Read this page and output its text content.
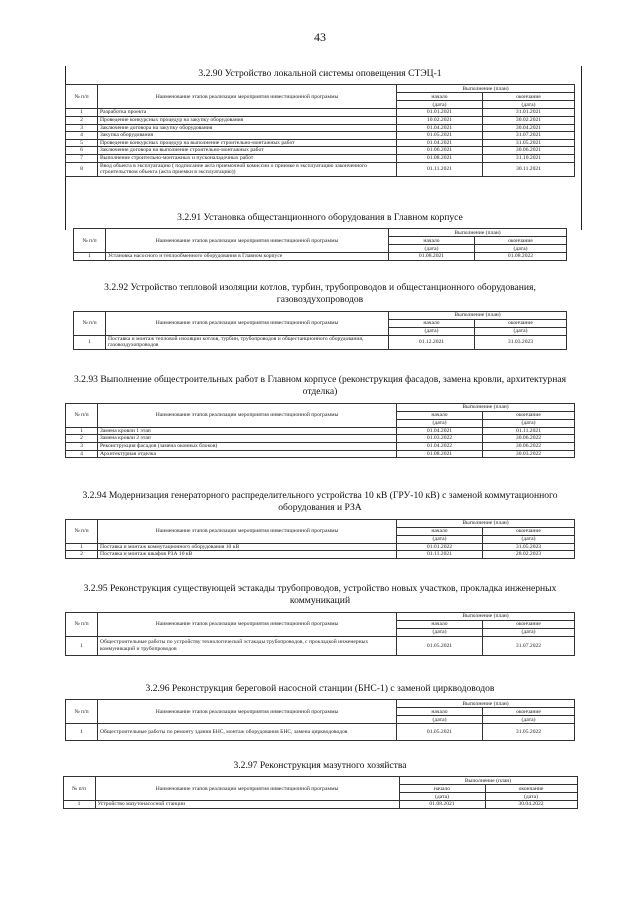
43
3.2.90 Устройство локальной системы оповещения СТЭЦ-1
№ п/п	Наименование этапов реализации мероприятия инвестиционной программы	Выполнение (план)	
		начало	окончание
		(дата)	(дата)
1	Разработка проекта	01.01.2021	31.01.2021
2	Проведение конкурсных процедур на закупку оборудования	10.02.2021	30.02.2021
3	Заключение договора на закупку оборудования	01.04.2021	30.04.2021
4	Закупка оборудования	01.05.2021	31.07.2021
5	Проведение конкурсных процедур на выполнение строительно-монтажных работ	01.04.2021	31.05.2021
6	Заключение договора на выполнение строительно-монтажных работ	01.06.2021	30.06.2021
7	Выполнение строительно-монтажных и пусконаладочных работ	01.08.2021	31.10.2021
8	Ввод объекта в эксплуатацию ( подписание акта приемочной комиссии о приемке в эксплуатацию законченного строительством объекта (акта приемки в эксплуатацию))	01.11.2021	30.11.2021
3.2.91 Установка общестанционного оборудования в Главном корпусе
№ п/п	Наименование этапов реализации мероприятия инвестиционной программы	Выполнение (план)	
		начало	окончание
		(дата)	(дата)
1	Установка насосного и теплообменного оборудования в Главном корпусе	01.08.2021	01.08.2022
3.2.92 Устройство тепловой изоляции котлов, турбин, трубопроводов и общестанционного оборудования, газовоздухопроводов
№ п/п	Наименование этапов реализации мероприятия инвестиционной программы	Выполнение (план)	
		начало	окончание
		(дата)	(дата)
1	Поставка и монтаж тепловой изоляции котлов, турбин, трубопроводов и общестанционного оборудования, газовоздухопроводов	01.12.2021	31.03.2023
3.2.93 Выполнение общестроительных работ в Главном корпусе (реконструкция фасадов, замена кровли, архитектурная отделка)
№ п/п	Наименование этапов реализации мероприятия инвестиционной программы	Выполнение (план)	
		начало	окончание
		(дата)	(дата)
1	Замена кровли 1 этап	01.04.2021	01.11.2021
2	Замена кровли 2 этап	01.03.2022	30.06.2022
3	Реконструкция фасадов (замена оконных блоков)	01.04.2022	30.06.2022
4	Архитектурная отделка	01.08.2021	30.03.2022
3.2.94 Модернизация генераторного распределительного устройства 10 кВ (ГРУ-10 кВ) с заменой коммутационного оборудования и РЗА
№ п/п	Наименование этапов реализации мероприятия инвестиционной программы	Выполнение (план)	
		начало	окончание
		(дата)	(дата)
1	Поставка и монтаж коммутационного оборудования 10 кВ	01.01.2022	31.05.2023
2	Поставка и монтаж шкафов РЗА 10 кВ	01.11.2021	28.02.2023
3.2.95 Реконструкция существующей эстакады трубопроводов, устройство новых участков, прокладка инженерных коммуникаций
№ п/п	Наименование этапов реализации мероприятия инвестиционной программы	Выполнение (план)	
		начало	окончание
		(дата)	(дата)
1	Общестроительные работы по устройству технологической эстакады трубопроводов, с прокладкой инженерных коммуникаций и трубопроводов	01.05.2021	31.07.2022
3.2.96 Реконструкция береговой насосной станции (БНС-1) с заменой циркводоводов
№ п/п	Наименование этапов реализации мероприятия инвестиционной программы	Выполнение (план)	
		начало	окончание
		(дата)	(дата)
1	Общестроительные работы по ремонту здания БНС, монтаж оборудования БНС, замена циркводоводов	01.05.2021	31.05.2022
3.2.97 Реконструкция мазутного хозяйства
№ п/п	Наименование этапов реализации мероприятия инвестиционной программы	Выполнение (план)	
		начало	окончание
		(дата)	(дата)
1	Устройство мазутонасосной станции	01.08.2021	30.04.2022
